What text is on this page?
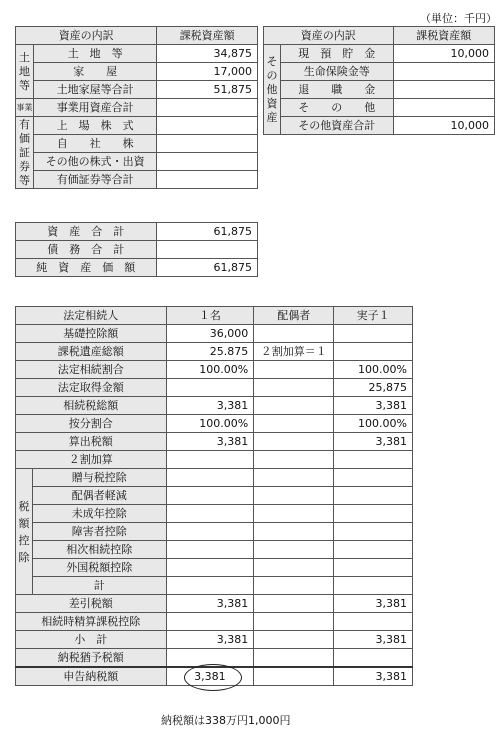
（単位：千円）
資産の内訳		課税資産額

土地等	土　地　等	34,875
	家　　屋	17,000
	土地家屋等合計	51,875

事業	事業用資産合計	

有価証券等	上　場　株　式	
	自　　社　　株	
	その他の株式・出資	
	有価証券等合計	
資産の内訳		課税資産額

その他資産	現　預　貯　金	10,000
	生命保険金等	
	退　　職　　金	
	そ　　の　　他	
	その他資産合計	10,000
資　産　合　計	61,875
債　務　合　計	
純　資　産　価　額	61,875
法定相続人		１名	配偶者	実子１
基礎控除額		36,000		
課税遺産総額		25.875	２割加算＝１	
法定相続割合		100.00%		100.00%
法定取得金額				25,875
相続税総額		3,381		3,381
按分割合		100.00%		100.00%
算出税額		3,381		3,381
２割加算				

税額控除	贈与税控除			
	配偶者軽減			
	未成年控除			
	障害者控除			
	相次相続控除			
	外国税額控除			
	計			
差引税額		3,381		3,381
相続時精算課税控除				
小　計		3,381		3,381
納税猶予税額				
申告納税額		3,381		3,381
納税額は338万円1,000円
